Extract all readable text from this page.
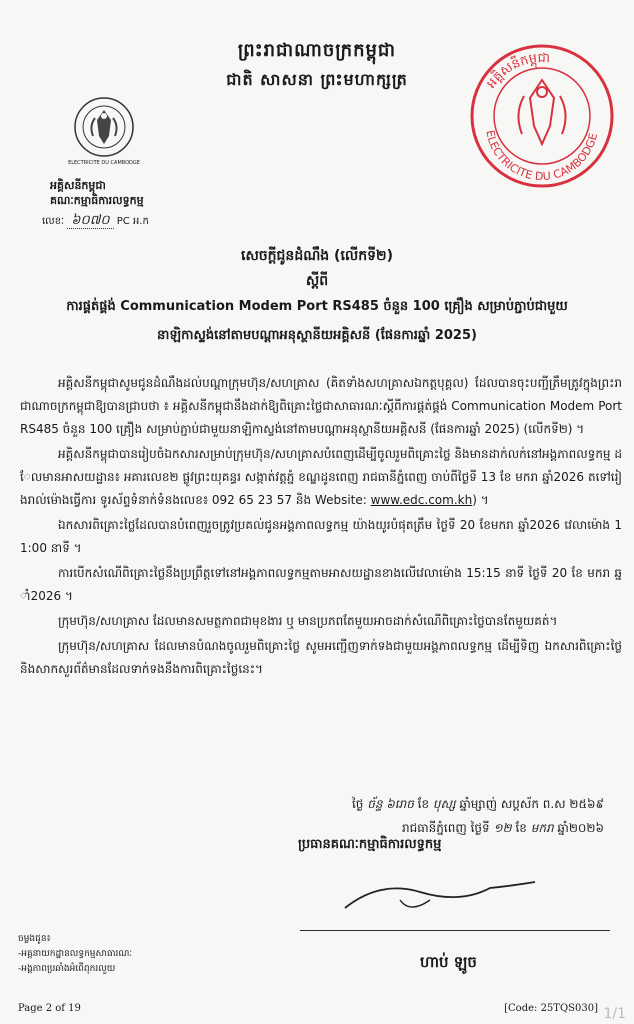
ព្រះរាជាណាចក្រកម្ពុជា
ជាតិ សាសនា ព្រះមហាក្សត្រ
ELECTRICITE DU CAMBODGE
អគ្គិសនីកម្ពុជា
គណៈកម្មាធិការលទ្ធកម្ម
លេខៈ ៦០៧០ PC អ.ក
ELECTRICITE DU CAMBODGE
អគ្គិសនីកម្ពុជា
សេចក្តីជូនដំណឹង (លើកទី២)
ស្តីពី
ការផ្គត់ផ្គង់ Communication Modem Port RS485 ចំនួន 100 គ្រឿង សម្រាប់ភ្ជាប់ជាមួយ
នាឡិកាស្ទង់នៅតាមបណ្តាអនុស្ថានីយអគ្គិសនី (ផែនការឆ្នាំ 2025)

អគ្គិសនីកម្ពុជាសូមជូនដំណឹងដល់បណ្តាក្រុមហ៊ុន/សហគ្រាស (គិតទាំងសហគ្រាសឯកត្តបុគ្គល) ដែលបានចុះបញ្ជីត្រឹមត្រូវក្នុងព្រះរាជាណាចក្រកម្ពុជាឱ្យបានជ្រាបថា ៖ អគ្គិសនីកម្ពុជានឹងដាក់ឱ្យពិគ្រោះថ្លៃជាសាធារណៈស្តីពីការផ្គត់ផ្គង់ Communication Modem Port RS485 ចំនួន 100 គ្រឿង សម្រាប់ភ្ជាប់ជាមួយនាឡិកាស្ទង់នៅតាមបណ្តាអនុស្ថានីយអគ្គិសនី (ផែនការឆ្នាំ 2025) (លើកទី២) ។

អគ្គិសនីកម្ពុជាបានរៀបចំឯកសារសម្រាប់ក្រុមហ៊ុន/សហគ្រាសបំពេញដើម្បីចូលរួមពិគ្រោះថ្លៃ និងមានដាក់លក់នៅអង្គភាពលទ្ធកម្ម ដែលមានអាសយដ្ឋាន៖ អគារលេខ២ ផ្លូវព្រះយុគន្ធរ សង្កាត់វត្តភ្នំ ខណ្ឌដូនពេញ រាជធានីភ្នំពេញ ចាប់ពីថ្ងៃទី 13 ខែ មករា ឆ្នាំ2026 តទៅរៀងរាល់ម៉ោងធ្វើការ ទូរស័ព្ទទំនាក់ទំនងលេខ៖ 092 65 23 57 និង Website: www.edc.com.kh) ។

ឯកសារពិគ្រោះថ្លៃដែលបានបំពេញរួចត្រូវប្រគល់ជូនអង្គភាពលទ្ធកម្ម យ៉ាងយូរបំផុតត្រឹម ថ្ងៃទី 20 ខែមករា ឆ្នាំ2026 វេលាម៉ោង 11:00 នាទី ។

ការបើកសំណើពិគ្រោះថ្លៃនឹងប្រព្រឹត្តទៅនៅអង្គភាពលទ្ធកម្មតាមអាសយដ្ឋានខាងលើវេលាម៉ោង 15:15 នាទី ថ្ងៃទី 20 ខែ មករា ឆ្នាំ2026 ។

ក្រុមហ៊ុន/សហគ្រាស ដែលមានសមត្ថភាពជាមុខងារ ឬ មានប្រភពតែមួយអាចដាក់សំណើពិគ្រោះថ្លៃបានតែមួយគត់។

ក្រុមហ៊ុន/សហគ្រាស ដែលមានបំណងចូលរួមពិគ្រោះថ្លៃ សូមអញ្ជើញទាក់ទងជាមួយអង្គភាពលទ្ធកម្ម ដើម្បីទិញ ឯកសារពិគ្រោះថ្លៃ និងសាកសួរព័ត៌មានដែលទាក់ទងនឹងការពិគ្រោះថ្លៃនេះ។

ថ្ងៃ ច័ន្ទ ៦រោច ខែ បុស្ស ឆ្នាំម្សាញ់ សប្តស័ក ព.ស ២៥៦៩
រាជធានីភ្នំពេញ ថ្ងៃទី ១២ ខែ មករា ឆ្នាំ២០២៦
ប្រធានគណៈកម្មាធិការលទ្ធកម្ម
ហាប់ ឡូច
ចម្លងជូន៖
-អគ្គនាយកដ្ឋានលទ្ធកម្មសាធារណៈ
-អង្គភាពប្រឆាំងអំពើពុករលួយ
Page 2 of 19	[Code: 25TQS030] 1/1
